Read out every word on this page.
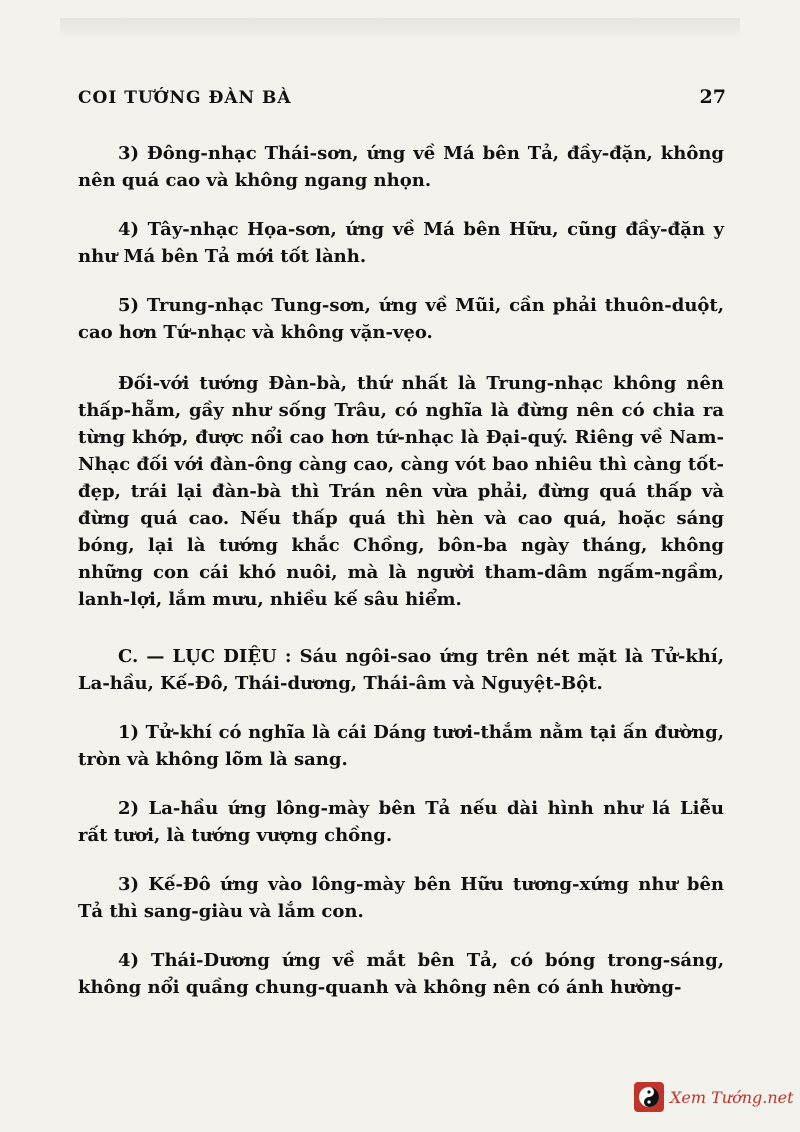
COI TƯỚNG ĐÀN BÀ	27

3) Đông-nhạc Thái-sơn, ứng về Má bên Tả, đầy-đặn, không nên quá cao và không ngang nhọn.

4) Tây-nhạc Họa-sơn, ứng về Má bên Hữu, cũng đầy-đặn y như Má bên Tả mới tốt lành.

5) Trung-nhạc Tung-sơn, ứng về Mũi, cần phải thuôn-duột, cao hơn Tứ-nhạc và không vặn-vẹo.

Đối-với tướng Đàn-bà, thứ nhất là Trung-nhạc không nên thấp-hẵm, gầy như sống Trâu, có nghĩa là đừng nên có chia ra từng khớp, được nổi cao hơn tứ-nhạc là Đại-quý. Riêng về Nam-Nhạc đối với đàn-ông càng cao, càng vót bao nhiêu thì càng tốt-đẹp, trái lại đàn-bà thì Trán nên vừa phải, đừng quá thấp và đừng quá cao. Nếu thấp quá thì hèn và cao quá, hoặc sáng bóng, lại là tướng khắc Chồng, bôn-ba ngày tháng, không những con cái khó nuôi, mà là người tham-dâm ngấm-ngầm, lanh-lợi, lắm mưu, nhiều kế sâu hiểm.

C. — LỤC DIỆU : Sáu ngôi-sao ứng trên nét mặt là Tử-khí, La-hầu, Kế-Đô, Thái-dương, Thái-âm và Nguyệt-Bột.

1) Tử-khí có nghĩa là cái Dáng tươi-thắm nằm tại ấn đường, tròn và không lõm là sang.

2) La-hầu ứng lông-mày bên Tả nếu dài hình như lá Liễu rất tươi, là tướng vượng chồng.

3) Kế-Đô ứng vào lông-mày bên Hữu tương-xứng như bên Tả thì sang-giàu và lắm con.

4) Thái-Dương ứng về mắt bên Tả, có bóng trong-sáng, không nổi quầng chung-quanh và không nên có ánh hường-

Xem Tướng.net
